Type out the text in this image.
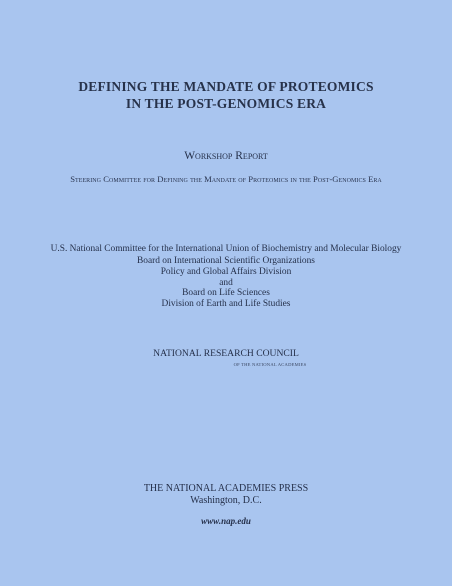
DEFINING THE MANDATE OF PROTEOMICS
IN THE POST-GENOMICS ERA
Workshop Report
Steering Committee for Defining the Mandate of Proteomics in the Post-Genomics Era
U.S. National Committee for the International Union of Biochemistry and Molecular Biology
Board on International Scientific Organizations
Policy and Global Affairs Division
and
Board on Life Sciences
Division of Earth and Life Studies
NATIONAL RESEARCH COUNCIL
OF THE NATIONAL ACADEMIES
THE NATIONAL ACADEMIES PRESS
Washington, D.C.
www.nap.edu
